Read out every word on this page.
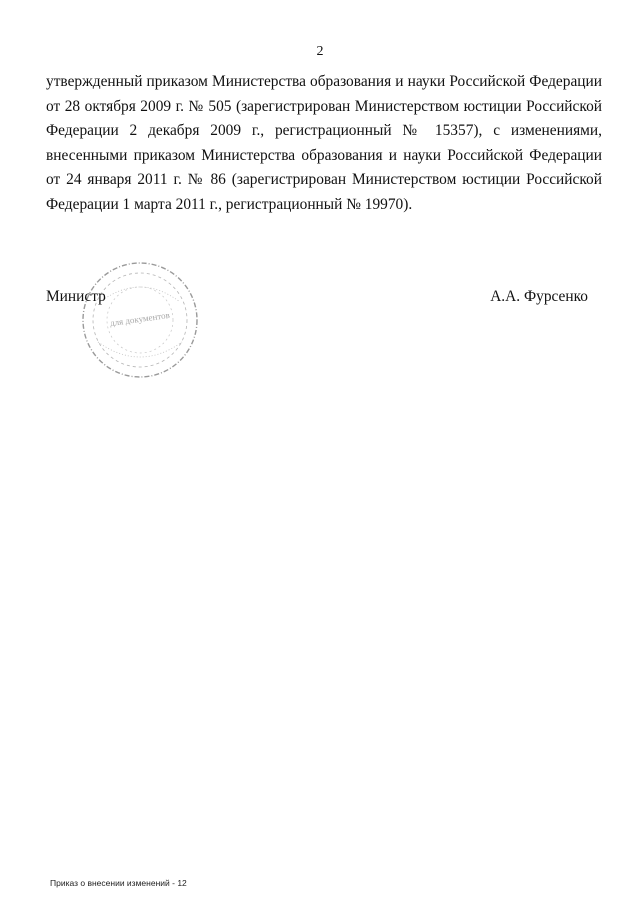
2
утвержденный приказом Министерства образования и науки Российской Федерации
от 28 октября 2009 г. № 505 (зарегистрирован Министерством юстиции Российской
Федерации 2 декабря 2009 г., регистрационный № 15357), с изменениями,
внесенными приказом Министерства образования и науки Российской Федерации
от 24 января 2011 г. № 86 (зарегистрирован Министерством юстиции Российской
Федерации 1 марта 2011 г., регистрационный № 19970).
для документов
Министр	А.А. Фурсенко
Приказ о внесении изменений - 12
